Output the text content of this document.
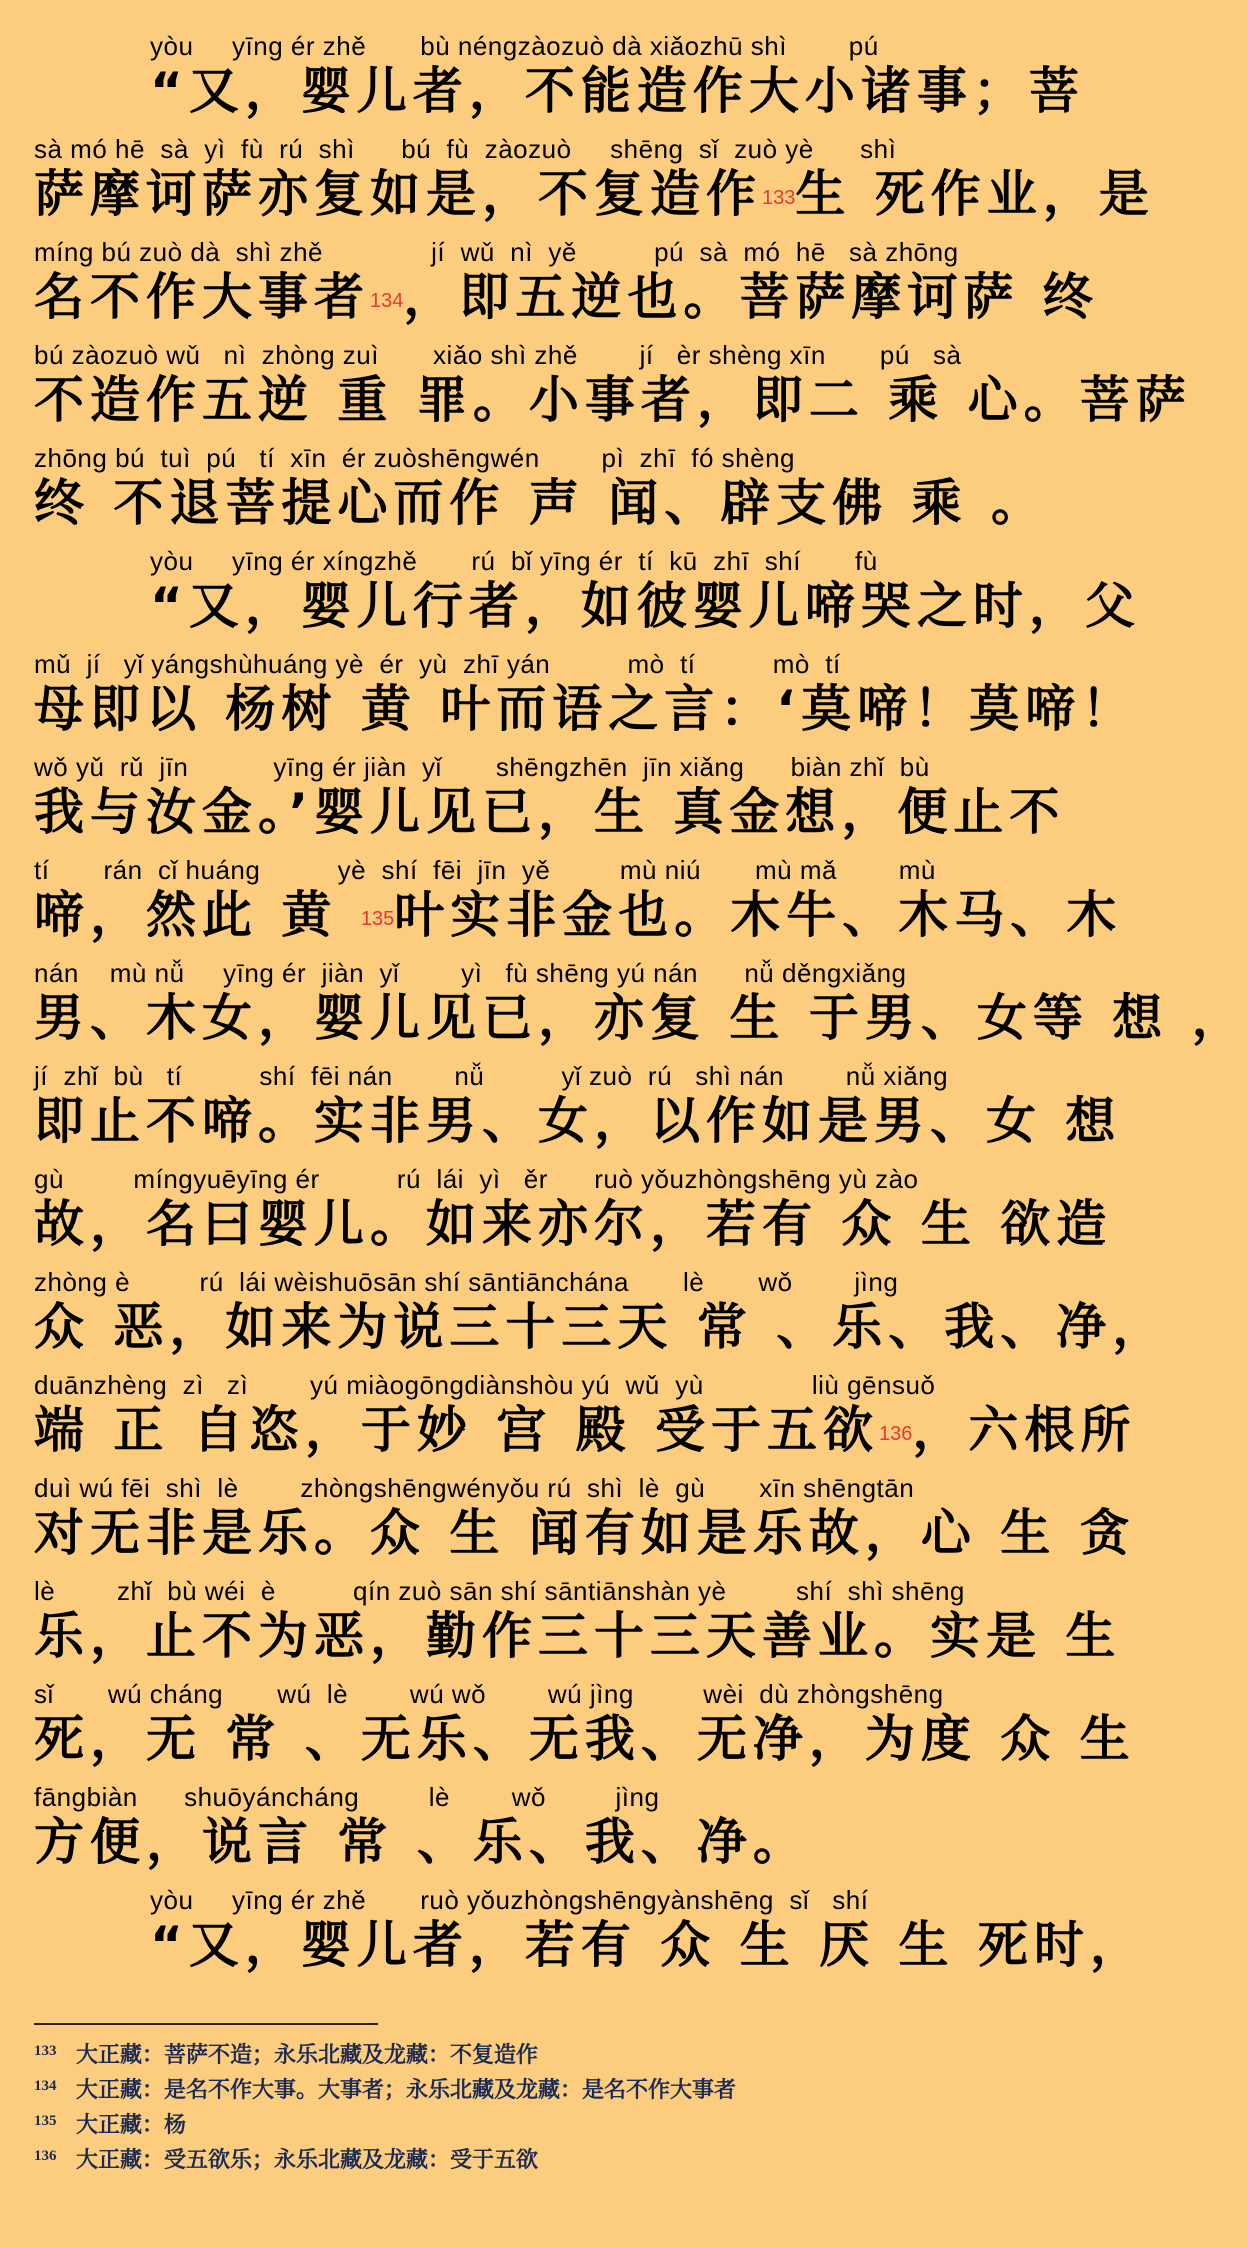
yòu     yīng ér zhě       bù néngzàozuò dà xiǎozhū shì        pú
“又，婴儿者，不能造作大小诸事；菩
sà mó hē  sà  yì  fù  rú  shì      bú  fù  zàozuò     shēng  sǐ  zuò yè      shì
萨摩诃萨亦复如是，不复造作$^{133}$生 死作业，是
míng bú zuò dà  shì zhě              jí  wǔ  nì  yě          pú  sà  mó  hē   sà zhōng
名不作大事者$^{134}$，即五逆也。菩萨摩诃萨 终
bú zàozuò wǔ   nì  zhòng zuì       xiǎo shì zhě        jí   èr shèng xīn       pú   sà
不造作五逆 重 罪。小事者，即二 乘 心。菩萨
zhōng bú  tuì  pú   tí  xīn  ér zuòshēngwén        pì  zhī  fó shèng
终 不退菩提心而作 声 闻、辟支佛 乘 。
yòu     yīng ér xíngzhě       rú  bǐ yīng ér  tí  kū  zhī  shí       fù
“又，婴儿行者，如彼婴儿啼哭之时，父
mǔ  jí   yǐ yángshùhuáng yè  ér  yù  zhī yán          mò  tí          mò  tí
母即以 杨树 黄 叶而语之言：‘莫啼！莫啼！
wǒ yǔ  rǔ  jīn           yīng ér jiàn  yǐ       shēngzhēn  jīn xiǎng      biàn zhǐ  bù
我与汝金。’婴儿见已，生 真金想，便止不
tí       rán  cǐ huáng          yè  shí  fēi  jīn  yě         mù niú       mù mǎ        mù
啼，然此 黄 $^{135}$叶实非金也。木牛、木马、木
nán    mù nǚ     yīng ér  jiàn  yǐ        yì   fù shēng yú nán      nǚ děngxiǎng
男、木女，婴儿见已，亦复 生 于男、女等 想 ，
jí  zhǐ  bù   tí          shí  fēi nán        nǚ          yǐ zuò  rú   shì nán        nǚ xiǎng
即止不啼。实非男、女，以作如是男、女 想
gù         míngyuēyīng ér          rú  lái  yì   ěr      ruò yǒuzhòngshēng yù zào
故，名曰婴儿。如来亦尔，若有 众 生 欲造
zhòng è         rú  lái wèishuōsān shí sāntiānchána       lè       wǒ        jìng
众 恶，如来为说三十三天 常 、乐、我、净，
duānzhèng  zì   zì        yú miàogōngdiànshòu yú  wǔ  yù              liù gēnsuǒ
端 正 自恣，于妙 宫 殿 受于五欲$^{136}$，六根所
duì wú fēi  shì  lè        zhòngshēngwényǒu rú  shì  lè  gù       xīn shēngtān
对无非是乐。众 生 闻有如是乐故，心 生 贪
lè        zhǐ  bù wéi  è          qín zuò sān shí sāntiānshàn yè         shí  shì shēng
乐，止不为恶，勤作三十三天善业。实是 生
sǐ       wú cháng       wú  lè        wú wǒ        wú jìng         wèi  dù zhòngshēng
死，无 常 、无乐、无我、无净，为度 众 生
fāngbiàn      shuōyáncháng         lè        wǒ         jìng
方便，说言 常 、乐、我、净。
yòu     yīng ér zhě       ruò yǒuzhòngshēngyànshēng  sǐ   shí
“又，婴儿者，若有 众 生 厌 生 死时，
133 大正藏：菩萨不造；永乐北藏及龙藏：不复造作
134 大正藏：是名不作大事。大事者；永乐北藏及龙藏：是名不作大事者
135 大正藏：杨
136 大正藏：受五欲乐；永乐北藏及龙藏：受于五欲
